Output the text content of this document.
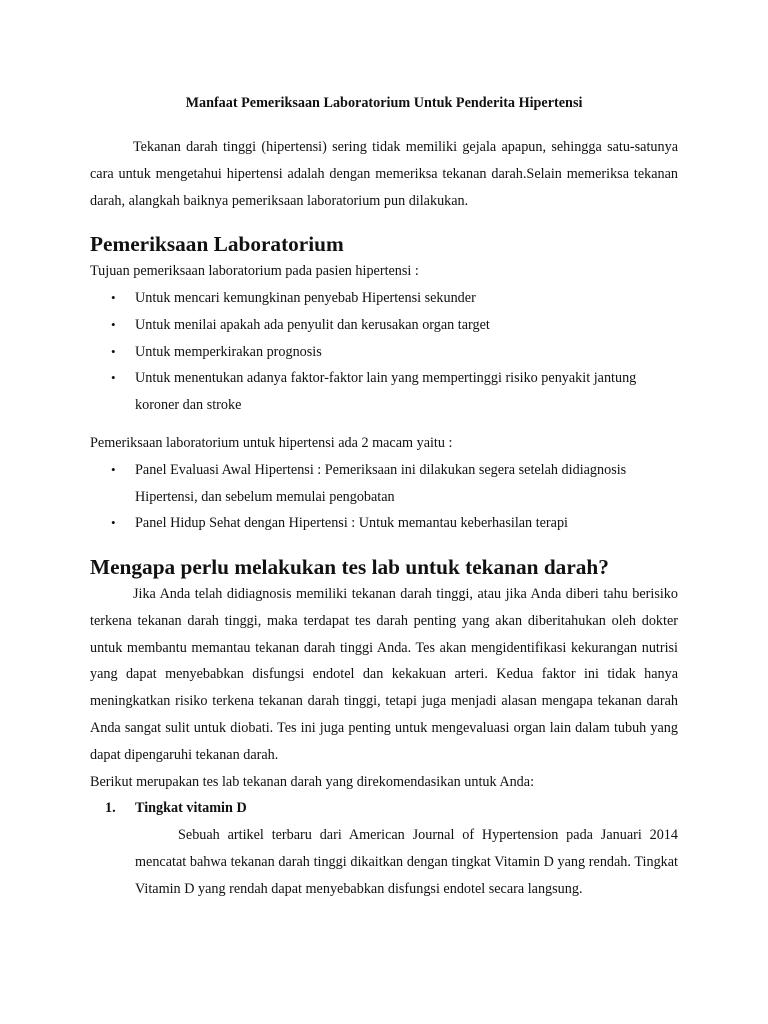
Manfaat Pemeriksaan Laboratorium Untuk Penderita Hipertensi

Tekanan darah tinggi (hipertensi) sering tidak memiliki gejala apapun, sehingga satu-satunya cara untuk mengetahui hipertensi adalah dengan memeriksa tekanan darah.Selain memeriksa tekanan darah, alangkah baiknya pemeriksaan laboratorium pun dilakukan.

Pemeriksaan Laboratorium

Tujuan pemeriksaan laboratorium pada pasien hipertensi :

• Untuk mencari kemungkinan penyebab Hipertensi sekunder
• Untuk menilai apakah ada penyulit dan kerusakan organ target
• Untuk memperkirakan prognosis
• Untuk menentukan adanya faktor-faktor lain yang mempertinggi risiko penyakit jantung koroner dan stroke

Pemeriksaan laboratorium untuk hipertensi ada 2 macam yaitu :

• Panel Evaluasi Awal Hipertensi : Pemeriksaan ini dilakukan segera setelah didiagnosis Hipertensi, dan sebelum memulai pengobatan
• Panel Hidup Sehat dengan Hipertensi : Untuk memantau keberhasilan terapi
Mengapa perlu melakukan tes lab untuk tekanan darah?

Jika Anda telah didiagnosis memiliki tekanan darah tinggi, atau jika Anda diberi tahu berisiko terkena tekanan darah tinggi, maka terdapat tes darah penting yang akan diberitahukan oleh dokter untuk membantu memantau tekanan darah tinggi Anda. Tes akan mengidentifikasi kekurangan nutrisi yang dapat menyebabkan disfungsi endotel dan kekakuan arteri. Kedua faktor ini tidak hanya meningkatkan risiko terkena tekanan darah tinggi, tetapi juga menjadi alasan mengapa tekanan darah Anda sangat sulit untuk diobati. Tes ini juga penting untuk mengevaluasi organ lain dalam tubuh yang dapat dipengaruhi tekanan darah.

Berikut merupakan tes lab tekanan darah yang direkomendasikan untuk Anda:

1. Tingkat vitamin D

Sebuah artikel terbaru dari American Journal of Hypertension pada Januari 2014 mencatat bahwa tekanan darah tinggi dikaitkan dengan tingkat Vitamin D yang rendah. Tingkat Vitamin D yang rendah dapat menyebabkan disfungsi endotel secara langsung.
